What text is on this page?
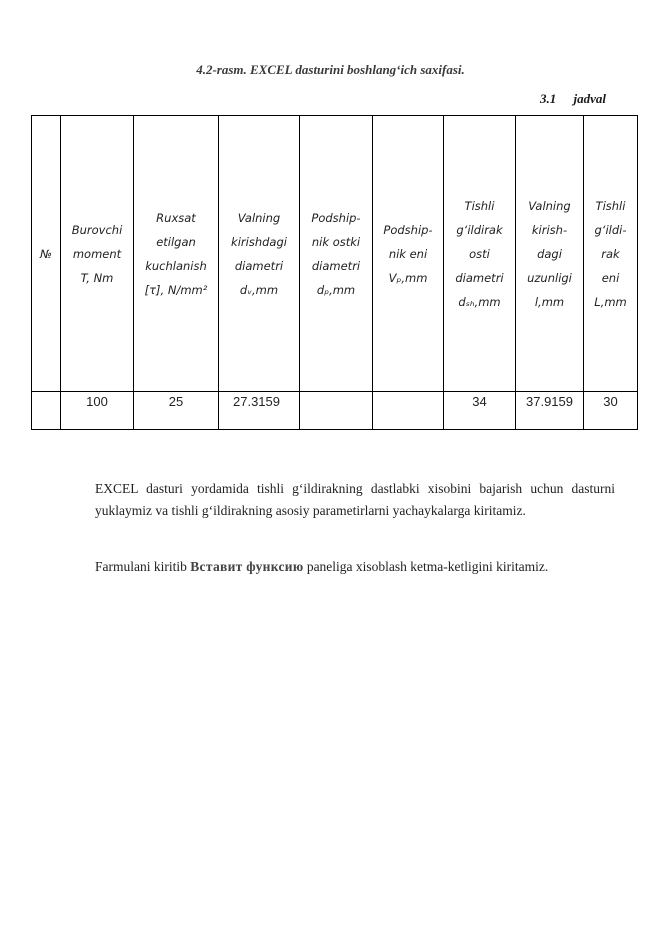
4.2-rasm. EXCEL dasturini boshlang‘ich saxifasi.
3.1 jadval
№	Burovchi
moment
T, Nm	Ruxsat
etilgan
kuchlanish
[τ], N/mm²	Valning
kirishdagi
diametri
dᵥ,mm	Podship-
nik ostki
diametri
dₚ,mm	Podship-
nik eni
Vₚ,mm	Tishli
g‘ildirak
osti
diametri
dₛₕ,mm	Valning
kirish-
dagi
uzunligi
l,mm	Tishli
g‘ildi-
rak
eni
L,mm

	100	25	27.3159			34	37.9159	30
EXCEL dasturi yordamida tishli g‘ildirakning dastlabki xisobini bajarish uchun dasturni yuklaymiz va tishli g‘ildirakning asosiy parametirlarni yachaykalarga kiritamiz.
Farmulani kiritib Вставит функсию paneliga xisoblash ketma-ketligini kiritamiz.
